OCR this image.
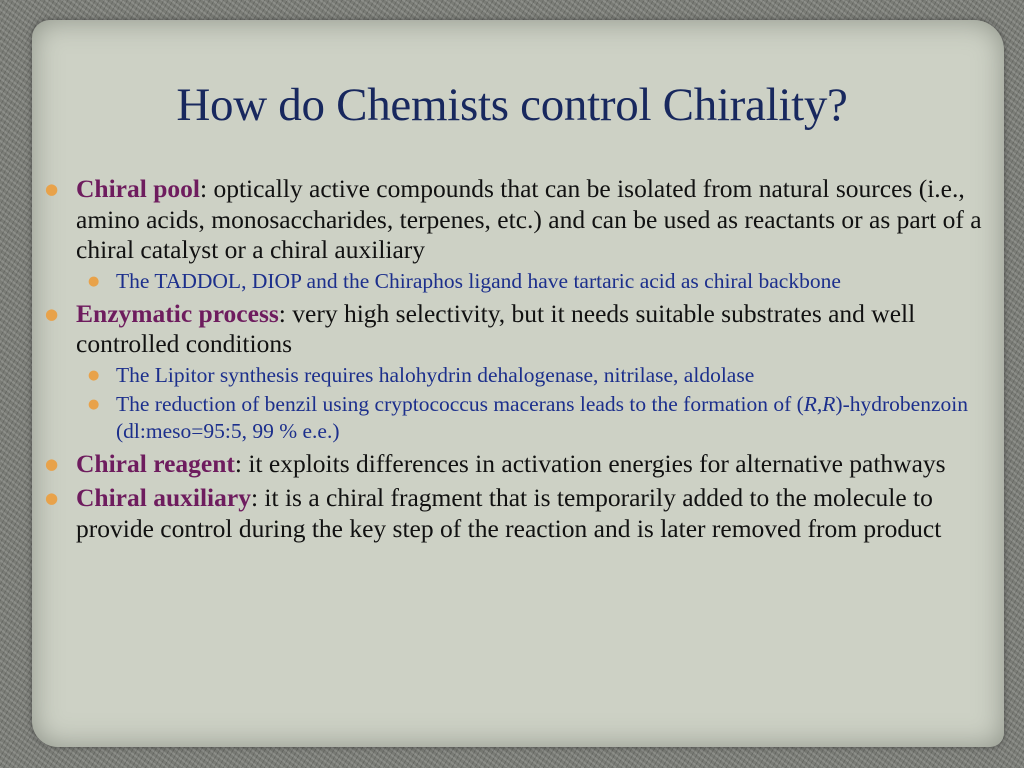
How do Chemists control Chirality?
● Chiral pool: optically active compounds that can be isolated from natural sources (i.e., amino acids, monosaccharides, terpenes, etc.) and can be used as reactants or as part of a chiral catalyst or a chiral auxiliary
● The TADDOL, DIOP and the Chiraphos ligand have tartaric acid as chiral backbone
● Enzymatic process: very high selectivity, but it needs suitable substrates and well controlled conditions
● The Lipitor synthesis requires halohydrin dehalogenase, nitrilase, aldolase
● The reduction of benzil using cryptococcus macerans leads to the formation of (R,R)-hydrobenzoin (dl:meso=95:5, 99 % e.e.)
● Chiral reagent: it exploits differences in activation energies for alternative pathways
● Chiral auxiliary: it is a chiral fragment that is temporarily added to the molecule to provide control during the key step of the reaction and is later removed from product
